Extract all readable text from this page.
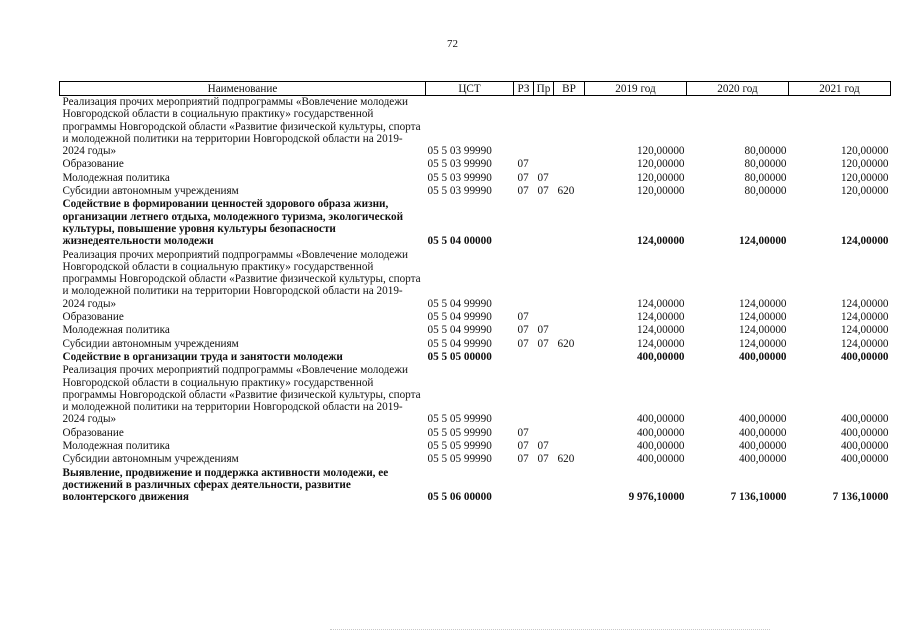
72
Наименование	ЦСТ	РЗ	Пр	ВР	2019 год	2020 год	2021 год
Реализация прочих мероприятий подпрограммы «Вовлечение молодежи Новгородской области в социальную практику» государственной программы Новгородской области «Развитие физической культуры, спорта и молодежной политики на территории Новгородской области на 2019-2024 годы»	05 5 03 99990				120,00000	80,00000	120,00000
Образование	05 5 03 99990	07			120,00000	80,00000	120,00000
Молодежная политика	05 5 03 99990	07	07		120,00000	80,00000	120,00000
Субсидии автономным учреждениям	05 5 03 99990	07	07	620	120,00000	80,00000	120,00000
Содействие в формировании ценностей здорового образа жизни, организации летнего отдыха, молодежного туризма, экологической культуры, повышение уровня культуры безопасности жизнедеятельности молодежи	05 5 04 00000				124,00000	124,00000	124,00000
Реализация прочих мероприятий подпрограммы «Вовлечение молодежи Новгородской области в социальную практику» государственной программы Новгородской области «Развитие физической культуры, спорта и молодежной политики на территории Новгородской области на 2019-2024 годы»	05 5 04 99990				124,00000	124,00000	124,00000
Образование	05 5 04 99990	07			124,00000	124,00000	124,00000
Молодежная политика	05 5 04 99990	07	07		124,00000	124,00000	124,00000
Субсидии автономным учреждениям	05 5 04 99990	07	07	620	124,00000	124,00000	124,00000
Содействие в организации труда и занятости молодежи	05 5 05 00000				400,00000	400,00000	400,00000
Реализация прочих мероприятий подпрограммы «Вовлечение молодежи Новгородской области в социальную практику» государственной программы Новгородской области «Развитие физической культуры, спорта и молодежной политики на территории Новгородской области на 2019-2024 годы»	05 5 05 99990				400,00000	400,00000	400,00000
Образование	05 5 05 99990	07			400,00000	400,00000	400,00000
Молодежная политика	05 5 05 99990	07	07		400,00000	400,00000	400,00000
Субсидии автономным учреждениям	05 5 05 99990	07	07	620	400,00000	400,00000	400,00000
Выявление, продвижение и поддержка активности молодежи, ее достижений в различных сферах деятельности, развитие волонтерского движения	05 5 06 00000				9 976,10000	7 136,10000	7 136,10000
